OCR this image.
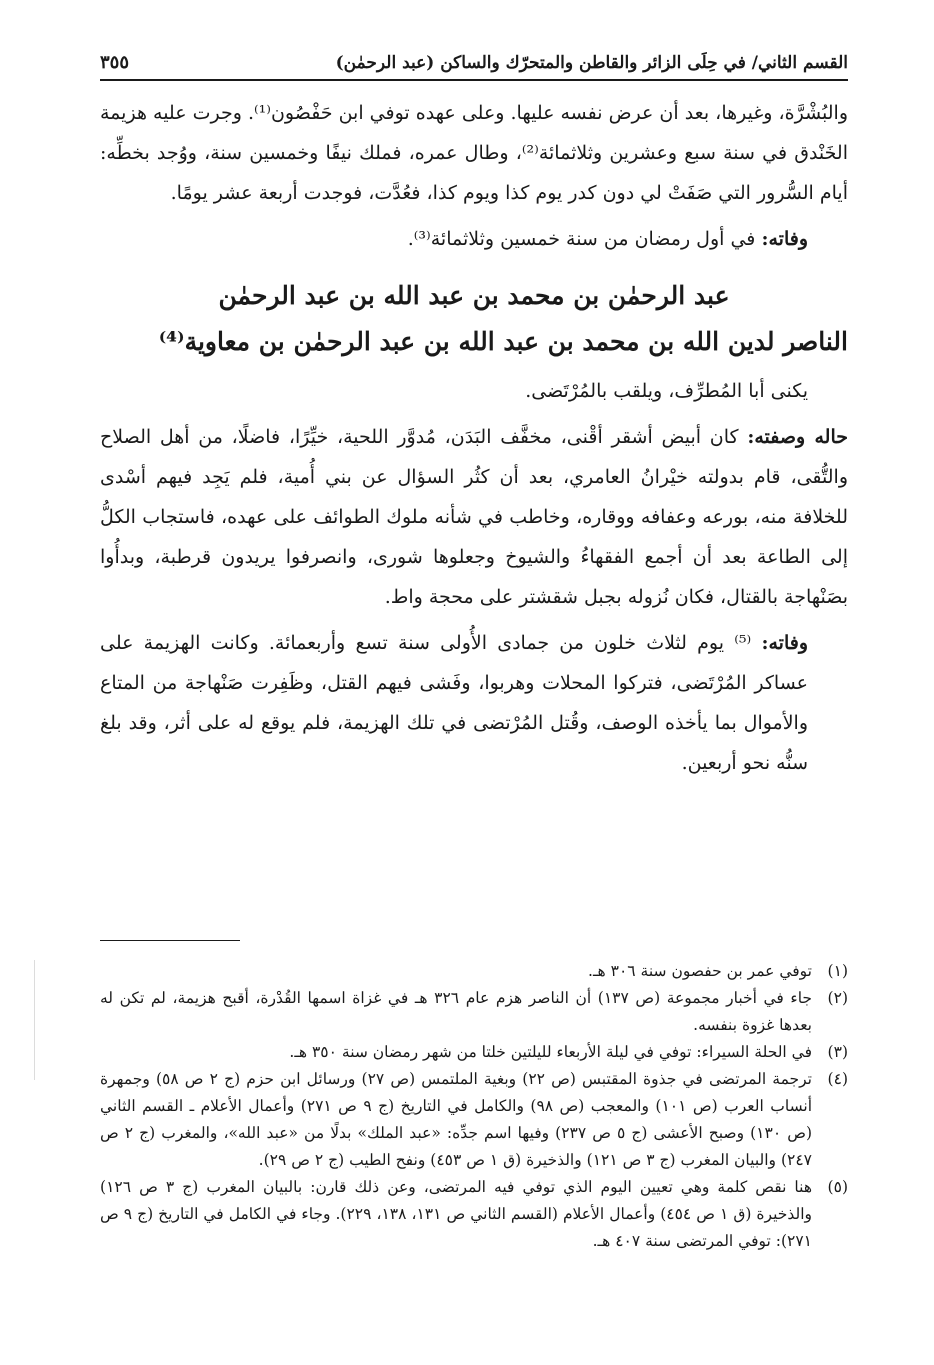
القسم الثاني/ في حِلَى الزائر والقاطن والمتحرّك والساكن (عبد الرحمٰن)
٣٥٥

والبُشْرَّة، وغيرها، بعد أن عرض نفسه عليها. وعلى عهده توفي ابن حَفْصُون⁽¹⁾. وجرت عليه هزيمة الخَنْدق في سنة سبع وعشرين وثلاثمائة⁽²⁾، وطال عمره، فملك نيفًا وخمسين سنة، ووُجد بخطِّه: أيام السُّرور التي صَفَتْ لي دون كدر يوم كذا ويوم كذا، فعُدَّت، فوجدت أربعة عشر يومًا.

وفاته: في أول رمضان من سنة خمسين وثلاثمائة⁽³⁾.

عبد الرحمٰن بن محمد بن عبد الله بن عبد الرحمٰن
الناصر لدين الله بن محمد بن عبد الله بن عبد الرحمٰن بن معاوية⁽⁴⁾

يكنى أبا المُطرِّف، ويلقب بالمُرْتَضى.

حاله وصفته: كان أبيض أشقر أقْنى، مخفَّف البَدَن، مُدوَّر اللحية، خيِّرًا، فاضلًا، من أهل الصلاح والتُّقى، قام بدولته خيْرانُ العامري، بعد أن كثُر السؤال عن بني أُمية، فلم يَجِد فيهم أسْدى للخلافة منه، بورعه وعفافه ووقاره، وخاطب في شأنه ملوك الطوائف على عهده، فاستجاب الكلُّ إلى الطاعة بعد أن أجمع الفقهاءُ والشيوخ وجعلوها شورى، وانصرفوا يريدون قرطبة، وبدأُوا بصَنْهاجة بالقتال، فكان نُزوله بجبل شقشتر على محجة واط.

وفاته: ⁽⁵⁾ يوم لثلاث خلون من جمادى الأُولى سنة تسع وأربعمائة. وكانت الهزيمة على عساكر المُرْتَضى، فتركوا المحلات وهربوا، وفَشى فيهم القتل، وظَفِرت صَنْهاجة من المتاع والأموال بما يأخذه الوصف، وقُتل المُرْتضى في تلك الهزيمة، فلم يوقع له على أثر، وقد بلغ سنُّه نحو أربعين.

(١)
توفي عمر بن حفصون سنة ٣٠٦ هـ.
(٢)
جاء في أخبار مجموعة (ص ١٣٧) أن الناصر هزم عام ٣٢٦ هـ في غزاة اسمها القُدْرة، أقبح هزيمة، لم تكن له بعدها غزوة بنفسه.
(٣)
في الحلة السيراء: توفي في ليلة الأربعاء لليلتين خلتا من شهر رمضان سنة ٣٥٠ هـ.
(٤)
ترجمة المرتضى في جذوة المقتبس (ص ٢٢) وبغية الملتمس (ص ٢٧) ورسائل ابن حزم (ج ٢ ص ٥٨) وجمهرة أنساب العرب (ص ١٠١) والمعجب (ص ٩٨) والكامل في التاريخ (ج ٩ ص ٢٧١) وأعمال الأعلام ـ القسم الثاني (ص ١٣٠) وصبح الأعشى (ج ٥ ص ٢٣٧) وفيها اسم جدِّه: «عبد الملك» بدلًا من «عبد الله»، والمغرب (ج ٢ ص ٢٤٧) والبيان المغرب (ج ٣ ص ١٢١) والذخيرة (ق ١ ص ٤٥٣) ونفح الطيب (ج ٢ ص ٢٩).
(٥)
هنا نقص كلمة وهي تعيين اليوم الذي توفي فيه المرتضى، وعن ذلك قارن: بالبيان المغرب (ج ٣ ص ١٢٦) والذخيرة (ق ١ ص ٤٥٤) وأعمال الأعلام (القسم الثاني ص ١٣١، ١٣٨، ٢٢٩). وجاء في الكامل في التاريخ (ج ٩ ص ٢٧١): توفي المرتضى سنة ٤٠٧ هـ.
